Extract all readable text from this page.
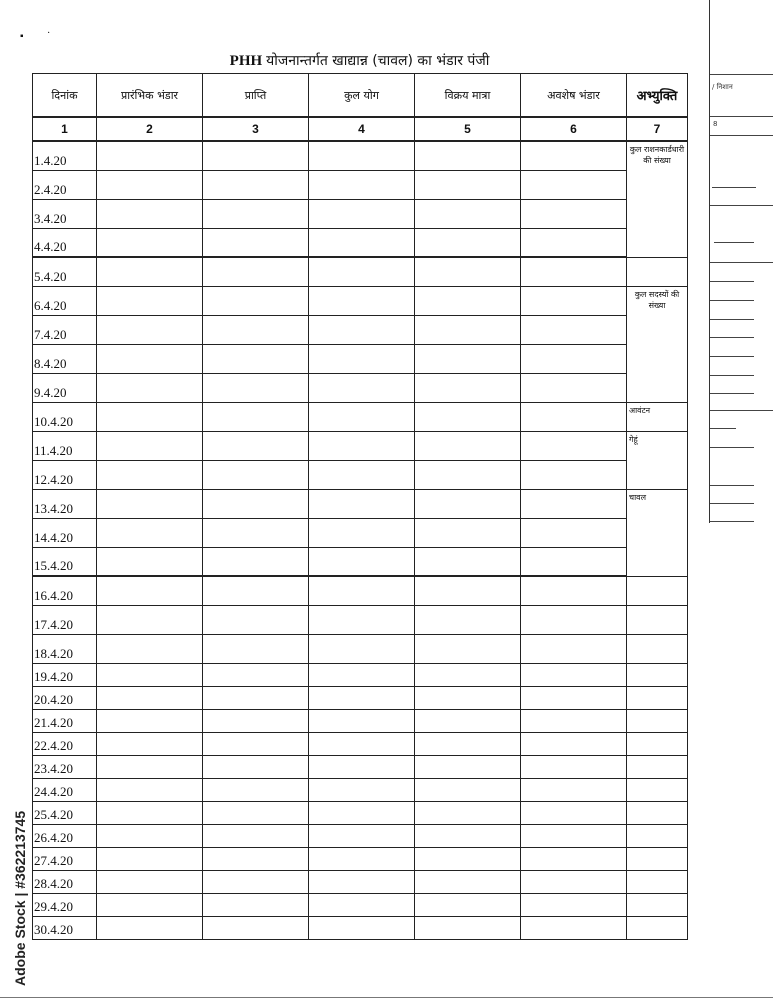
▪ ·
PHH योजनान्तर्गत खाद्यान्न (चावल) का भंडार पंजी
दिनांक	प्रारंभिक भंडार	प्राप्ति	कुल योग	विक्रय मात्रा	अवशेष भंडार	अभ्युक्ति
1	2	3	4	5	6	7
1.4.20						कुल राशनकार्डधारी की संख्या
2.4.20						
3.4.20						
4.4.20						
5.4.20						
6.4.20						कुल सदस्यों की संख्या
7.4.20						
8.4.20						
9.4.20						
10.4.20						आवंटन
11.4.20						गेहूं
12.4.20						
13.4.20						चावल
14.4.20						
15.4.20						
16.4.20						
17.4.20						
18.4.20						
19.4.20						
20.4.20						
21.4.20						
22.4.20						
23.4.20						
24.4.20						
25.4.20						
26.4.20						
27.4.20						
28.4.20						
29.4.20						
30.4.20						
/ निशान
8
Adobe Stock | #362213745
